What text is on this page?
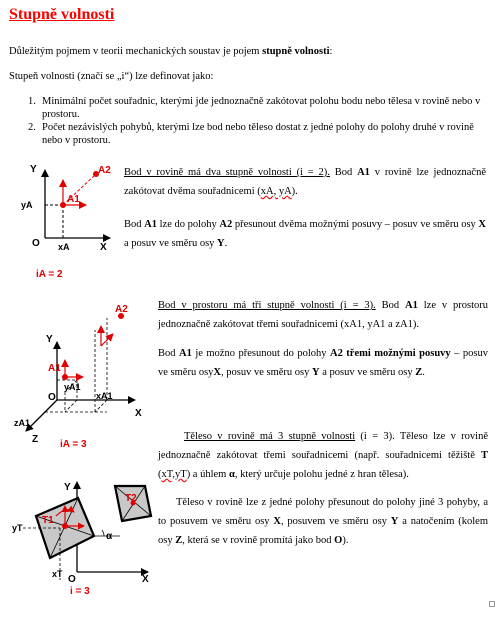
Stupně volnosti
Důležitým pojmem v teorii mechanických soustav je pojem stupně volnosti:
Stupeň volnosti (značí se „i“) lze definovat jako:
1. Minimální počet souřadnic, kterými jde jednoznačně zakótovat polohu bodu nebo tělesa v rovině nebo v prostoru.
2. Počet nezávislých pohybů, kterými lze bod nebo těleso dostat z jedné polohy do polohy druhé v rovině nebo v prostoru.
Y
yA	A1
A2
O xA	X
iA = 2
Bod v rovině má dva stupně volnosti (i = 2). Bod A1 v rovině lze jednoznačně zakótovat dvěma souřadnicemi (xA, yA).
Bod A1 lze do polohy A2 přesunout dvěma možnými posuvy – posuv ve směru osy X a posuv ve směru osy Y.
Y
A2
A1
yA1
O	xA1
X
zA1
Z iA = 3
Bod v prostoru má tři stupně volnosti (i = 3). Bod A1 lze v prostoru jednoznačně zakótovat třemi souřadnicemi (xA1, yA1 a zA1).
Bod A1 je možno přesunout do polohy A2 třemi možnými posuvy – posuv ve směru osyX, posuv ve směru osy Y a posuv ve směru osy Z.
Y
yT
T1
T2
α
O
xT	X
i = 3
Těleso v rovině má 3 stupně volnosti (i = 3). Těleso lze v rovině jednoznačně zakótovat třemi souřadnicemi (např. souřadnicemi těžiště T (xT,yT) a úhlem α, který určuje polohu jedné z hran tělesa).
Těleso v rovině lze z jedné polohy přesunout do polohy jiné 3 pohyby, a to posuvem ve směru osy X, posuvem ve směru osy Y a natočením (kolem osy Z, která se v rovině promítá jako bod O).
